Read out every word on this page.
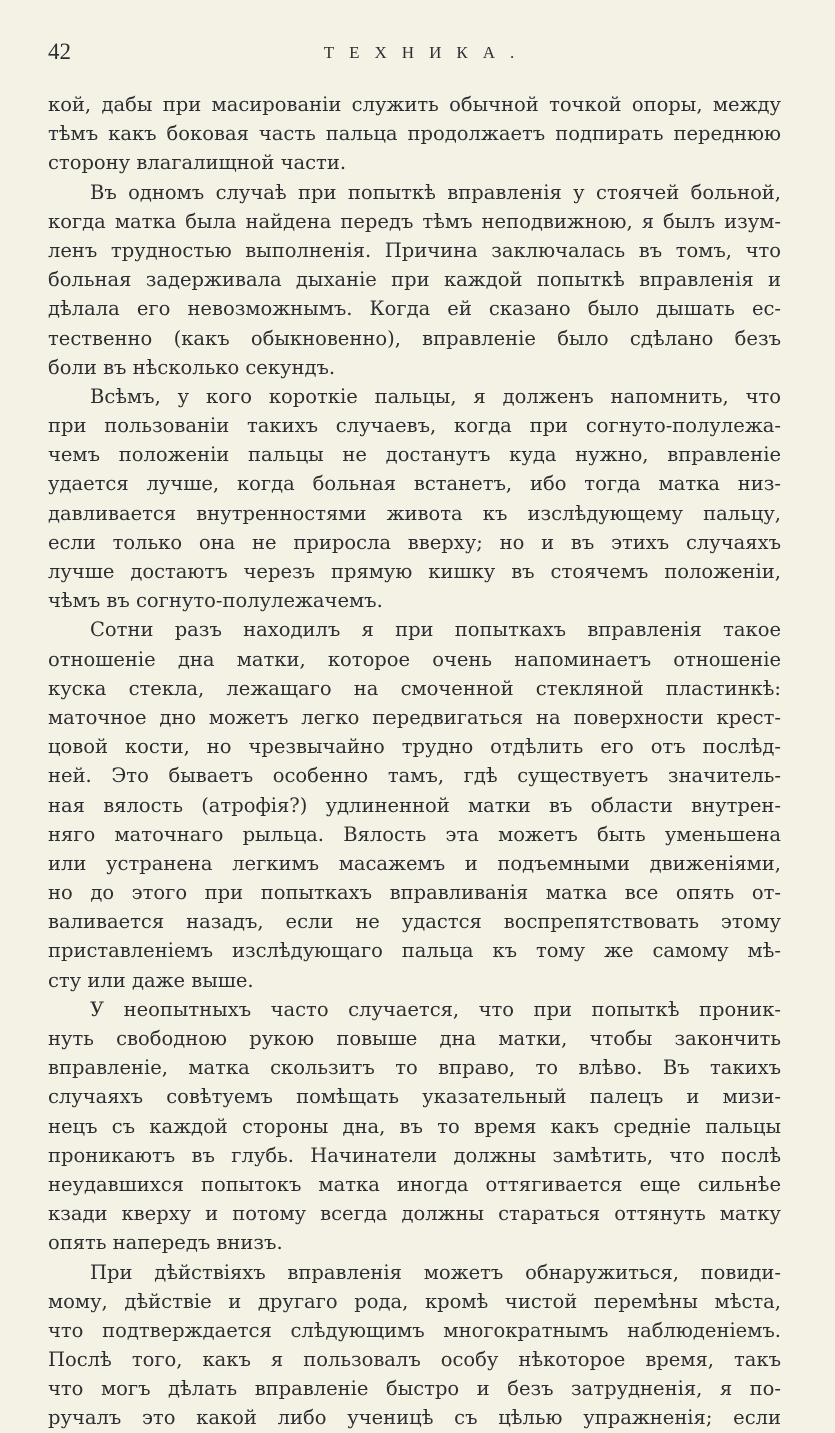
42	ТЕХНИКА.
кой, дабы при масированіи служить обычной точкой опоры, между
тѣмъ какъ боковая часть пальца продолжаетъ подпирать переднюю
сторону влагалищной части.
Въ одномъ случаѣ при попыткѣ вправленія у стоячей больной,
когда матка была найдена передъ тѣмъ неподвижною, я былъ изум-
ленъ трудностью выполненія. Причина заключалась въ томъ, что
больная задерживала дыханіе при каждой попыткѣ вправленія и
дѣлала его невозможнымъ. Когда ей сказано было дышать ес-
тественно (какъ обыкновенно), вправленіе было сдѣлано безъ
боли въ нѣсколько секундъ.
Всѣмъ, у кого короткіе пальцы, я долженъ напомнить, что
при пользованіи такихъ случаевъ, когда при согнуто-полулежа-
чемъ положеніи пальцы не достанутъ куда нужно, вправленіе
удается лучше, когда больная встанетъ, ибо тогда матка низ-
давливается внутренностями живота къ изслѣдующему пальцу,
если только она не приросла вверху; но и въ этихъ случаяхъ
лучше достаютъ черезъ прямую кишку въ стоячемъ положеніи,
чѣмъ въ согнуто-полулежачемъ.
Сотни разъ находилъ я при попыткахъ вправленія такое
отношеніе дна матки, которое очень напоминаетъ отношеніе
куска стекла, лежащаго на смоченной стекляной пластинкѣ:
маточное дно можетъ легко передвигаться на поверхности крест-
цовой кости, но чрезвычайно трудно отдѣлить его отъ послѣд-
ней. Это бываетъ особенно тамъ, гдѣ существуетъ значитель-
ная вялость (атрофія?) удлиненной матки въ области внутрен-
няго маточнаго рыльца. Вялость эта можетъ быть уменьшена
или устранена легкимъ масажемъ и подъемными движеніями,
но до этого при попыткахъ вправливанія матка все опять от-
валивается назадъ, если не удастся воспрепятствовать этому
приставленіемъ изслѣдующаго пальца къ тому же самому мѣ-
сту или даже выше.
У неопытныхъ часто случается, что при попыткѣ проник-
нуть свободною рукою повыше дна матки, чтобы закончить
вправленіе, матка скользитъ то вправо, то влѣво. Въ такихъ
случаяхъ совѣтуемъ помѣщать указательный палецъ и мизи-
нецъ съ каждой стороны дна, въ то время какъ средніе пальцы
проникаютъ въ глубь. Начинатели должны замѣтить, что послѣ
неудавшихся попытокъ матка иногда оттягивается еще сильнѣе
кзади кверху и потому всегда должны стараться оттянуть матку
опять напередъ внизъ.
При дѣйствіяхъ вправленія можетъ обнаружиться, повиди-
мому, дѣйствіе и другаго рода, кромѣ чистой перемѣны мѣста,
что подтверждается слѣдующимъ многократнымъ наблюденіемъ.
Послѣ того, какъ я пользовалъ особу нѣкоторое время, такъ
что могъ дѣлать вправленіе быстро и безъ затрудненія, я по-
ручалъ это какой либо ученицѣ съ цѣлью упражненія; если
